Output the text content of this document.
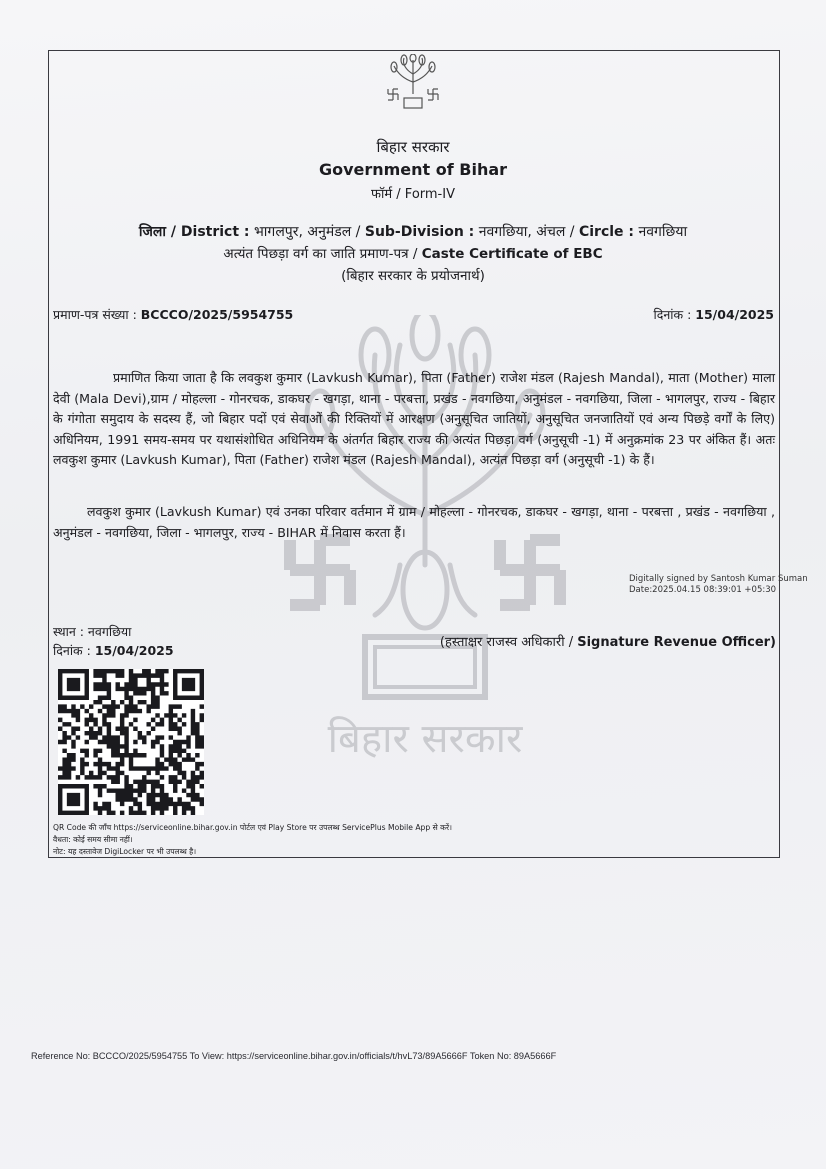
बिहार सरकार
बिहार सरकार
Government of Bihar
फॉर्म / Form-IV
जिला / District : भागलपुर, अनुमंडल / Sub-Division : नवगछिया, अंचल / Circle : नवगछिया
अत्यंत पिछड़ा वर्ग का जाति प्रमाण-पत्र / Caste Certificate of EBC
(बिहार सरकार के प्रयोजनार्थ)
प्रमाण-पत्र संख्या : BCCCO/2025/5954755	दिनांक : 15/04/2025

प्रमाणित किया जाता है कि लवकुश कुमार (Lavkush Kumar), पिता (Father) राजेश मंडल (Rajesh Mandal), माता (Mother) माला देवी (Mala Devi),ग्राम / मोहल्ला - गोनरचक, डाकघर - खगड़ा, थाना - परबत्ता, प्रखंड - नवगछिया, अनुमंडल - नवगछिया, जिला - भागलपुर, राज्य - बिहार के गंगोता समुदाय के सदस्य हैं, जो बिहार पदों एवं सेवाओं की रिक्तियों में आरक्षण (अनुसूचित जातियों, अनुसूचित जनजातियों एवं अन्य पिछड़े वर्गों के लिए) अधिनियम, 1991 समय-समय पर यथासंशोधित अधिनियम के अंतर्गत बिहार राज्य की अत्यंत पिछड़ा वर्ग (अनुसूची -1) में अनुक्रमांक 23 पर अंकित हैं। अतः लवकुश कुमार (Lavkush Kumar), पिता (Father) राजेश मंडल (Rajesh Mandal), अत्यंत पिछड़ा वर्ग (अनुसूची -1) के हैं।

लवकुश कुमार (Lavkush Kumar) एवं उनका परिवार वर्तमान में ग्राम / मोहल्ला - गोनरचक, डाकघर - खगड़ा, थाना - परबत्ता , प्रखंड - नवगछिया , अनुमंडल - नवगछिया, जिला - भागलपुर, राज्य - BIHAR में निवास करता हैं।

Digitally signed by Santosh Kumar Suman
Date:2025.04.15 08:39:01 +05:30
स्थान : नवगछिया
दिनांक : 15/04/2025
(हस्ताक्षर राजस्व अधिकारी / Signature Revenue Officer)
QR Code की जाँच https://serviceonline.bihar.gov.in पोर्टल एवं Play Store पर उपलब्ध ServicePlus Mobile App से करें।
वैधता: कोई समय सीमा नहीं।
नोट: यह दस्तावेज DigiLocker पर भी उपलब्ध है।
Reference No: BCCCO/2025/5954755 To View: https://serviceonline.bihar.gov.in/officials/t/hvL73/89A5666F Token No: 89A5666F
